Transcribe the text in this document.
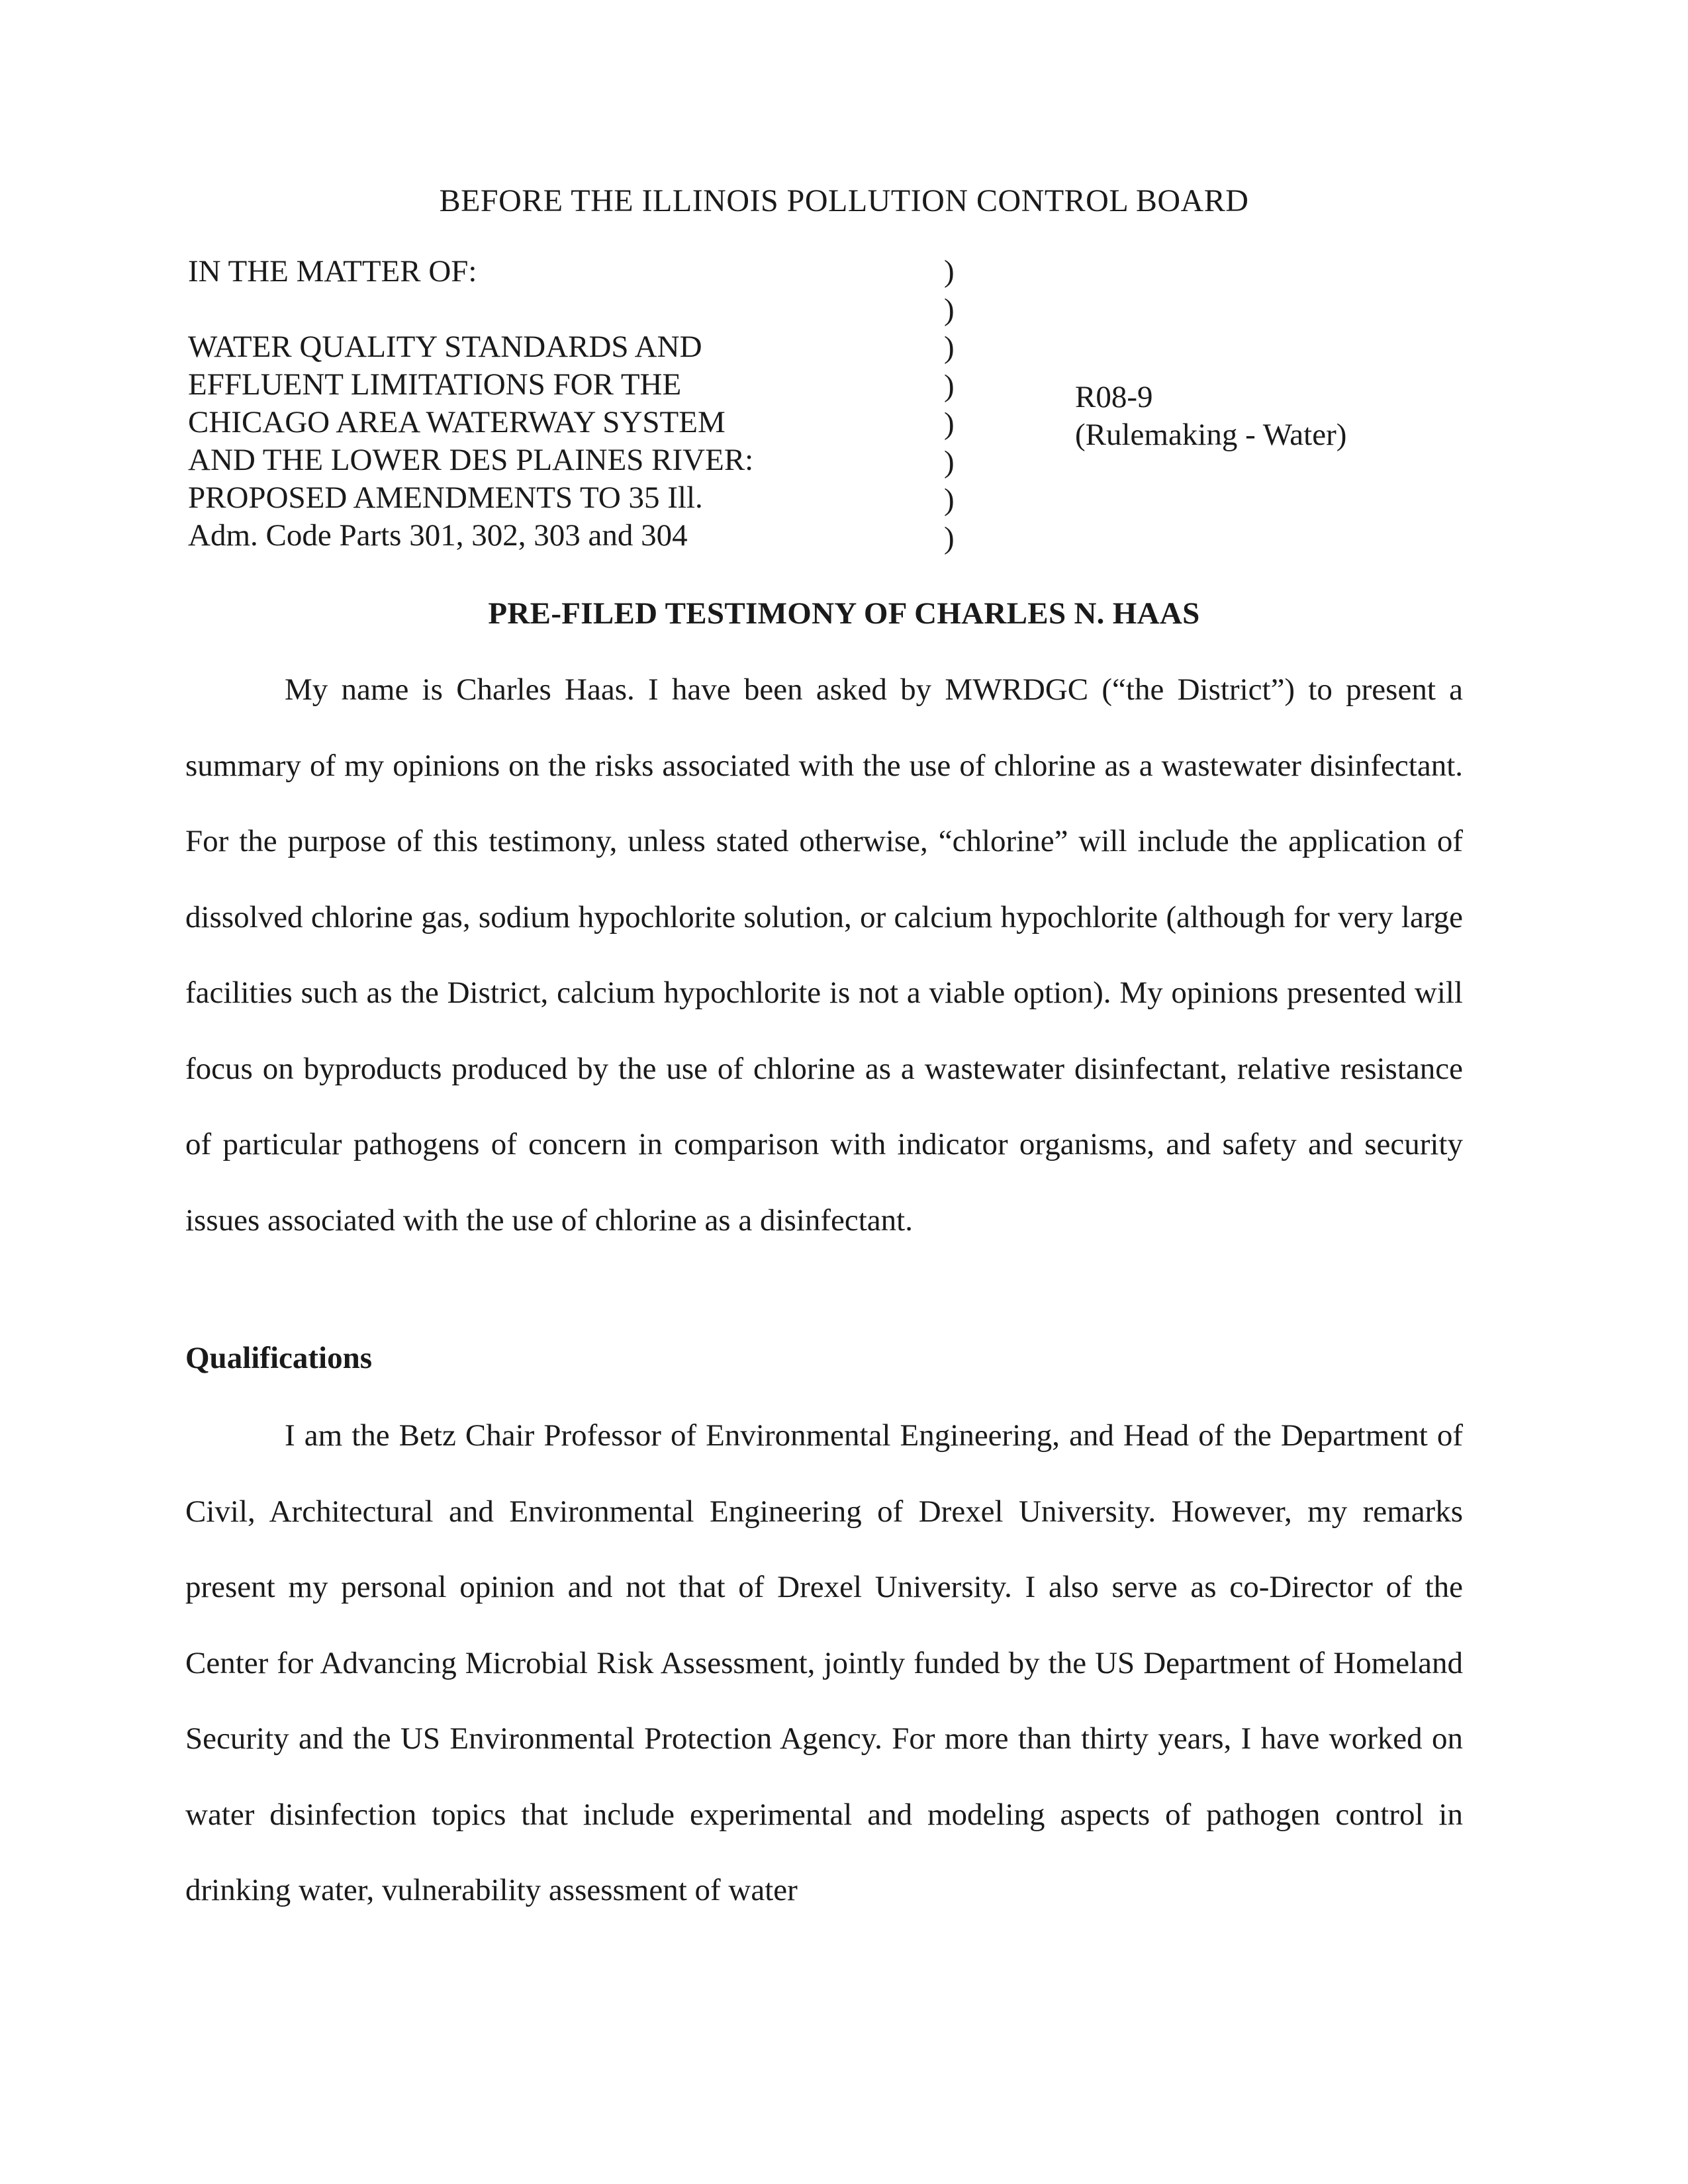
BEFORE THE ILLINOIS POLLUTION CONTROL BOARD
IN THE MATTER OF:
WATER QUALITY STANDARDS AND
EFFLUENT LIMITATIONS FOR THE
CHICAGO AREA WATERWAY SYSTEM
AND THE LOWER DES PLAINES RIVER:
PROPOSED AMENDMENTS TO 35 Ill.
Adm. Code Parts 301, 302, 303 and 304
)
)
)
)
)
)
)
)
R08-9
(Rulemaking - Water)
PRE-FILED TESTIMONY OF CHARLES N. HAAS
My name is Charles Haas. I have been asked by MWRDGC (“the District”) to present a summary of my opinions on the risks associated with the use of chlorine as a wastewater disinfectant. For the purpose of this testimony, unless stated otherwise, “chlorine” will include the application of dissolved chlorine gas, sodium hypochlorite solution, or calcium hypochlorite (although for very large facilities such as the District, calcium hypochlorite is not a viable option). My opinions presented will focus on byproducts produced by the use of chlorine as a wastewater disinfectant, relative resistance of particular pathogens of concern in comparison with indicator organisms, and safety and security issues associated with the use of chlorine as a disinfectant.
Qualifications
I am the Betz Chair Professor of Environmental Engineering, and Head of the Department of Civil, Architectural and Environmental Engineering of Drexel University. However, my remarks present my personal opinion and not that of Drexel University. I also serve as co-Director of the Center for Advancing Microbial Risk Assessment, jointly funded by the US Department of Homeland Security and the US Environmental Protection Agency. For more than thirty years, I have worked on water disinfection topics that include experimental and modeling aspects of pathogen control in drinking water, vulnerability assessment of water
